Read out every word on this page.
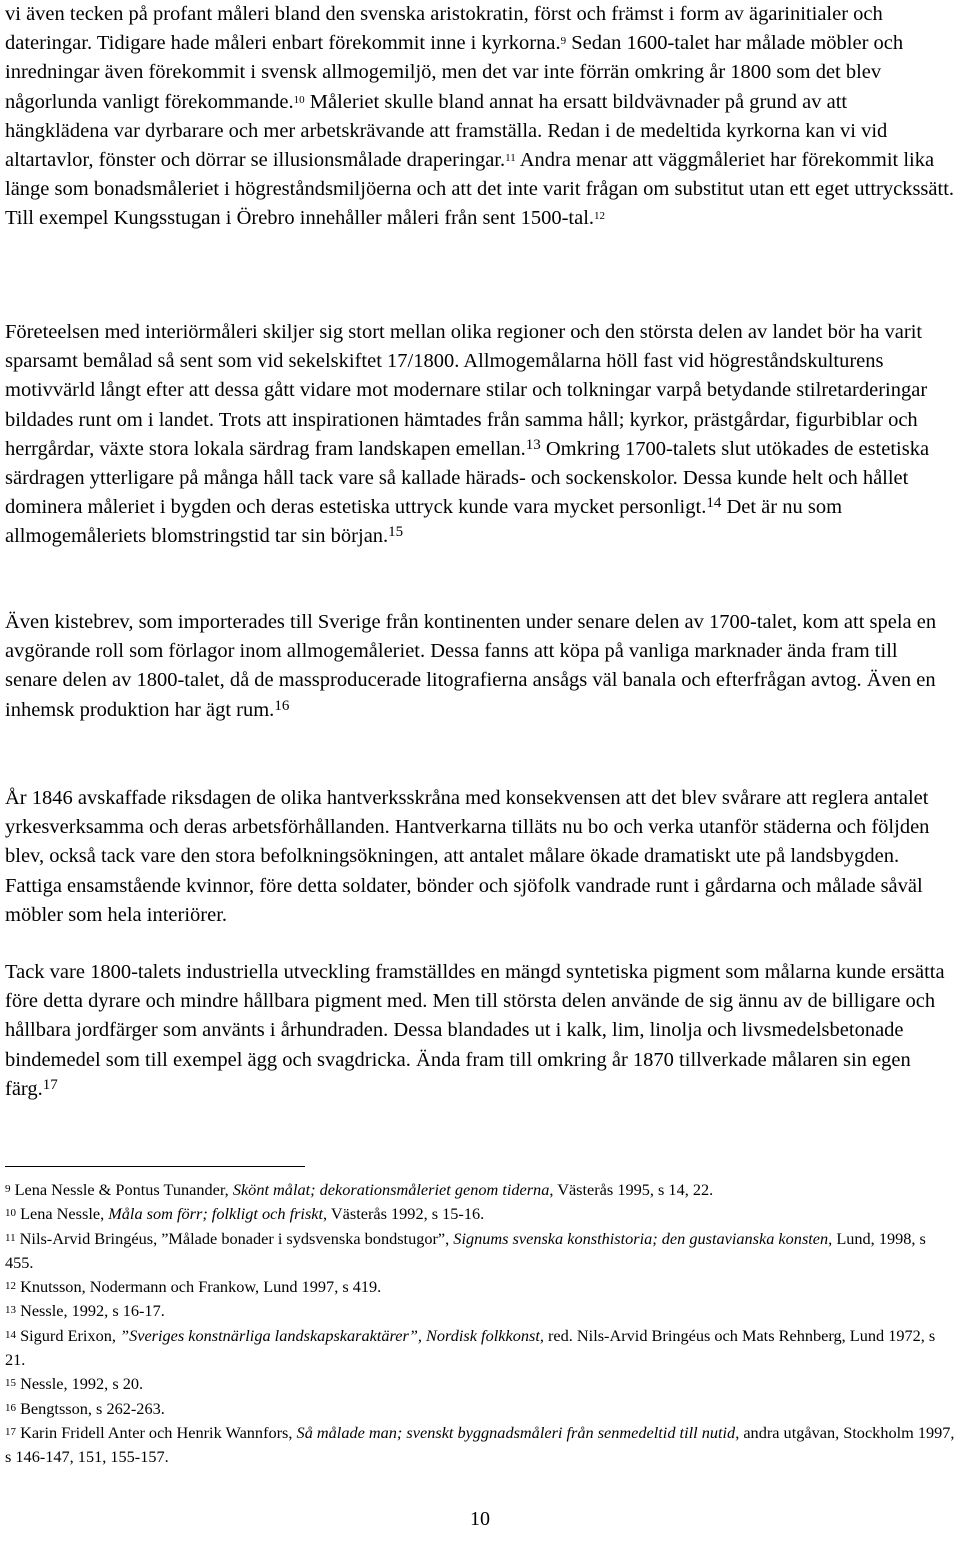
vi även tecken på profant måleri bland den svenska aristokratin, först och främst i form av ägarinitialer och dateringar. Tidigare hade måleri enbart förekommit inne i kyrkorna.$^9$ Sedan 1600-talet har målade möbler och inredningar även förekommit i svensk allmogemiljö, men det var inte förrän omkring år 1800 som det blev någorlunda vanligt förekommande.$^{10}$ Måleriet skulle bland annat ha ersatt bildvävnader på grund av att hängklädena var dyrbarare och mer arbetskrävande att framställa. Redan i de medeltida kyrkorna kan vi vid altartavlor, fönster och dörrar se illusionsmålade draperingar.$^{11}$ Andra menar att väggmåleriet har förekommit lika länge som bonadsmåleriet i högreståndsmiljöerna och att det inte varit frågan om substitut utan ett eget uttryckssätt. Till exempel Kungsstugan i Örebro innehåller måleri från sent 1500-tal.$^{12}$

Företeelsen med interiörmåleri skiljer sig stort mellan olika regioner och den största delen av landet bör ha varit sparsamt bemålad så sent som vid sekelskiftet 17/1800. Allmogemålarna höll fast vid högreståndskulturens motivvärld långt efter att dessa gått vidare mot modernare stilar och tolkningar varpå betydande stilretarderingar bildades runt om i landet. Trots att inspirationen hämtades från samma håll; kyrkor, prästgårdar, figurbiblar och herrgårdar, växte stora lokala särdrag fram landskapen emellan.$^{13}$ Omkring 1700-talets slut utökades de estetiska särdragen ytterligare på många håll tack vare så kallade härads- och sockenskolor. Dessa kunde helt och hållet dominera måleriet i bygden och deras estetiska uttryck kunde vara mycket personligt.$^{14}$ Det är nu som allmogemåleriets blomstringstid tar sin början.$^{15}$

Även kistebrev, som importerades till Sverige från kontinenten under senare delen av 1700-talet, kom att spela en avgörande roll som förlagor inom allmogemåleriet. Dessa fanns att köpa på vanliga marknader ända fram till senare delen av 1800-talet, då de massproducerade litografierna ansågs väl banala och efterfrågan avtog. Även en inhemsk produktion har ägt rum.$^{16}$

År 1846 avskaffade riksdagen de olika hantverksskråna med konsekvensen att det blev svårare att reglera antalet yrkesverksamma och deras arbetsförhållanden. Hantverkarna tilläts nu bo och verka utanför städerna och följden blev, också tack vare den stora befolkningsökningen, att antalet målare ökade dramatiskt ute på landsbygden. Fattiga ensamstående kvinnor, före detta soldater, bönder och sjöfolk vandrade runt i gårdarna och målade såväl möbler som hela interiörer.

Tack vare 1800-talets industriella utveckling framställdes en mängd syntetiska pigment som målarna kunde ersätta före detta dyrare och mindre hållbara pigment med. Men till största delen använde de sig ännu av de billigare och hållbara jordfärger som använts i århundraden. Dessa blandades ut i kalk, lim, linolja och livsmedelsbetonade bindemedel som till exempel ägg och svagdricka. Ända fram till omkring år 1870 tillverkade målaren sin egen färg.$^{17}$

$^9$ Lena Nessle & Pontus Tunander, Skönt målat; dekorationsmåleriet genom tiderna, Västerås 1995, s 14, 22.

$^{10}$ Lena Nessle, Måla som förr; folkligt och friskt, Västerås 1992, s 15-16.

$^{11}$ Nils-Arvid Bringéus, ”Målade bonader i sydsvenska bondstugor”, Signums svenska konsthistoria; den gustavianska konsten, Lund, 1998, s 455.

$^{12}$ Knutsson, Nodermann och Frankow, Lund 1997, s 419.

$^{13}$ Nessle, 1992, s 16-17.

$^{14}$ Sigurd Erixon, ”Sveriges konstnärliga landskapskaraktärer”, Nordisk folkkonst, red. Nils-Arvid Bringéus och Mats Rehnberg, Lund 1972, s 21.

$^{15}$ Nessle, 1992, s 20.

$^{16}$ Bengtsson, s 262-263.

$^{17}$ Karin Fridell Anter och Henrik Wannfors, Så målade man; svenskt byggnadsmåleri från senmedeltid till nutid, andra utgåvan, Stockholm 1997, s 146-147, 151, 155-157.

10
